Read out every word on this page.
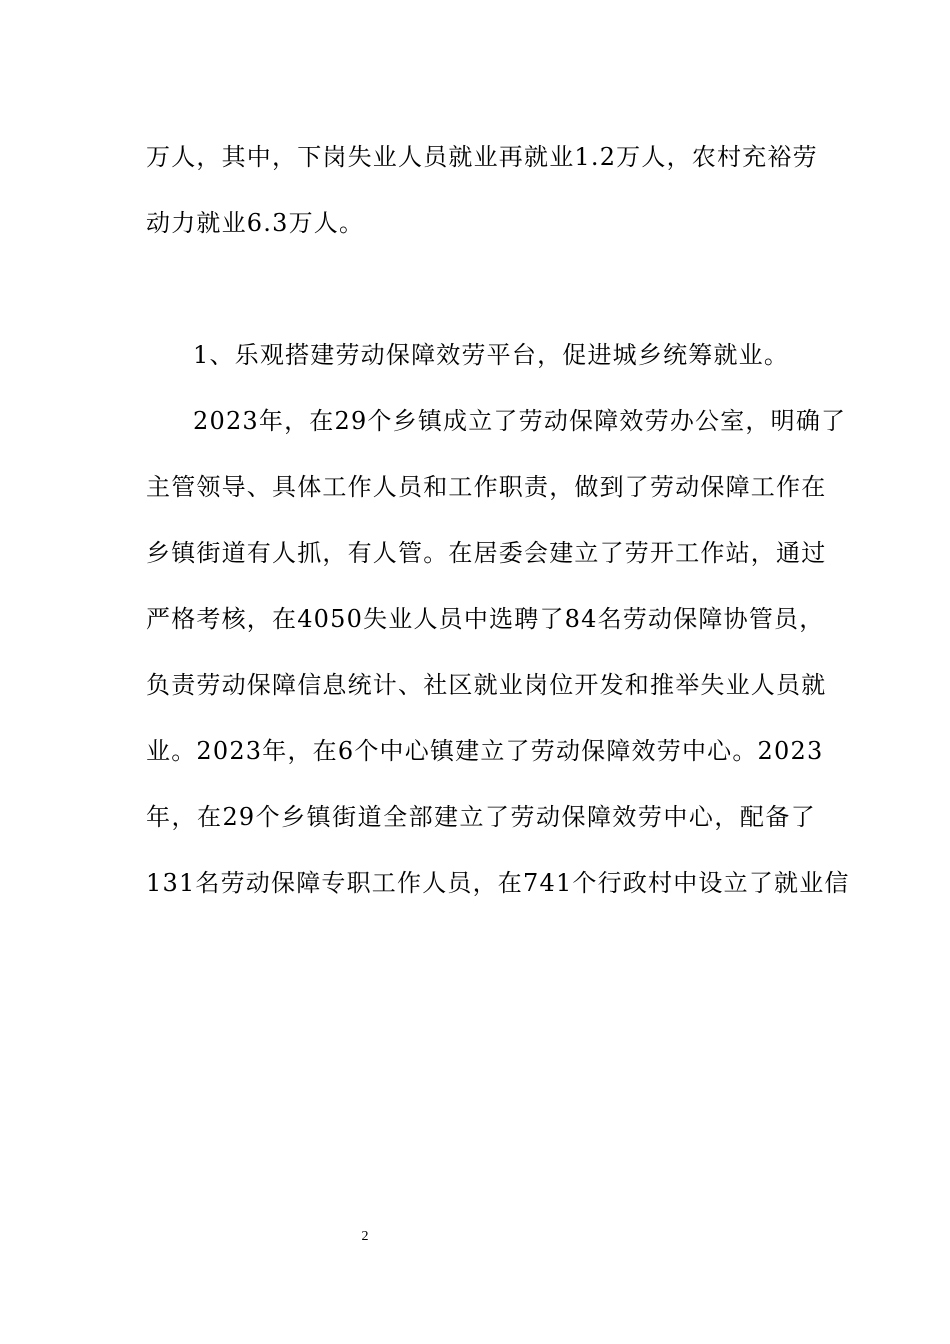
万人，其中，下岗失业人员就业再就业1.2万人，农村充裕劳
动力就业6.3万人。
1、乐观搭建劳动保障效劳平台，促进城乡统筹就业。
2023年，在29个乡镇成立了劳动保障效劳办公室，明确了
主管领导、具体工作人员和工作职责，做到了劳动保障工作在
乡镇街道有人抓，有人管。在居委会建立了劳开工作站，通过
严格考核，在4050失业人员中选聘了84名劳动保障协管员，
负责劳动保障信息统计、社区就业岗位开发和推举失业人员就
业。2023年，在6个中心镇建立了劳动保障效劳中心。2023
年，在29个乡镇街道全部建立了劳动保障效劳中心，配备了
131名劳动保障专职工作人员，在741个行政村中设立了就业信
2
